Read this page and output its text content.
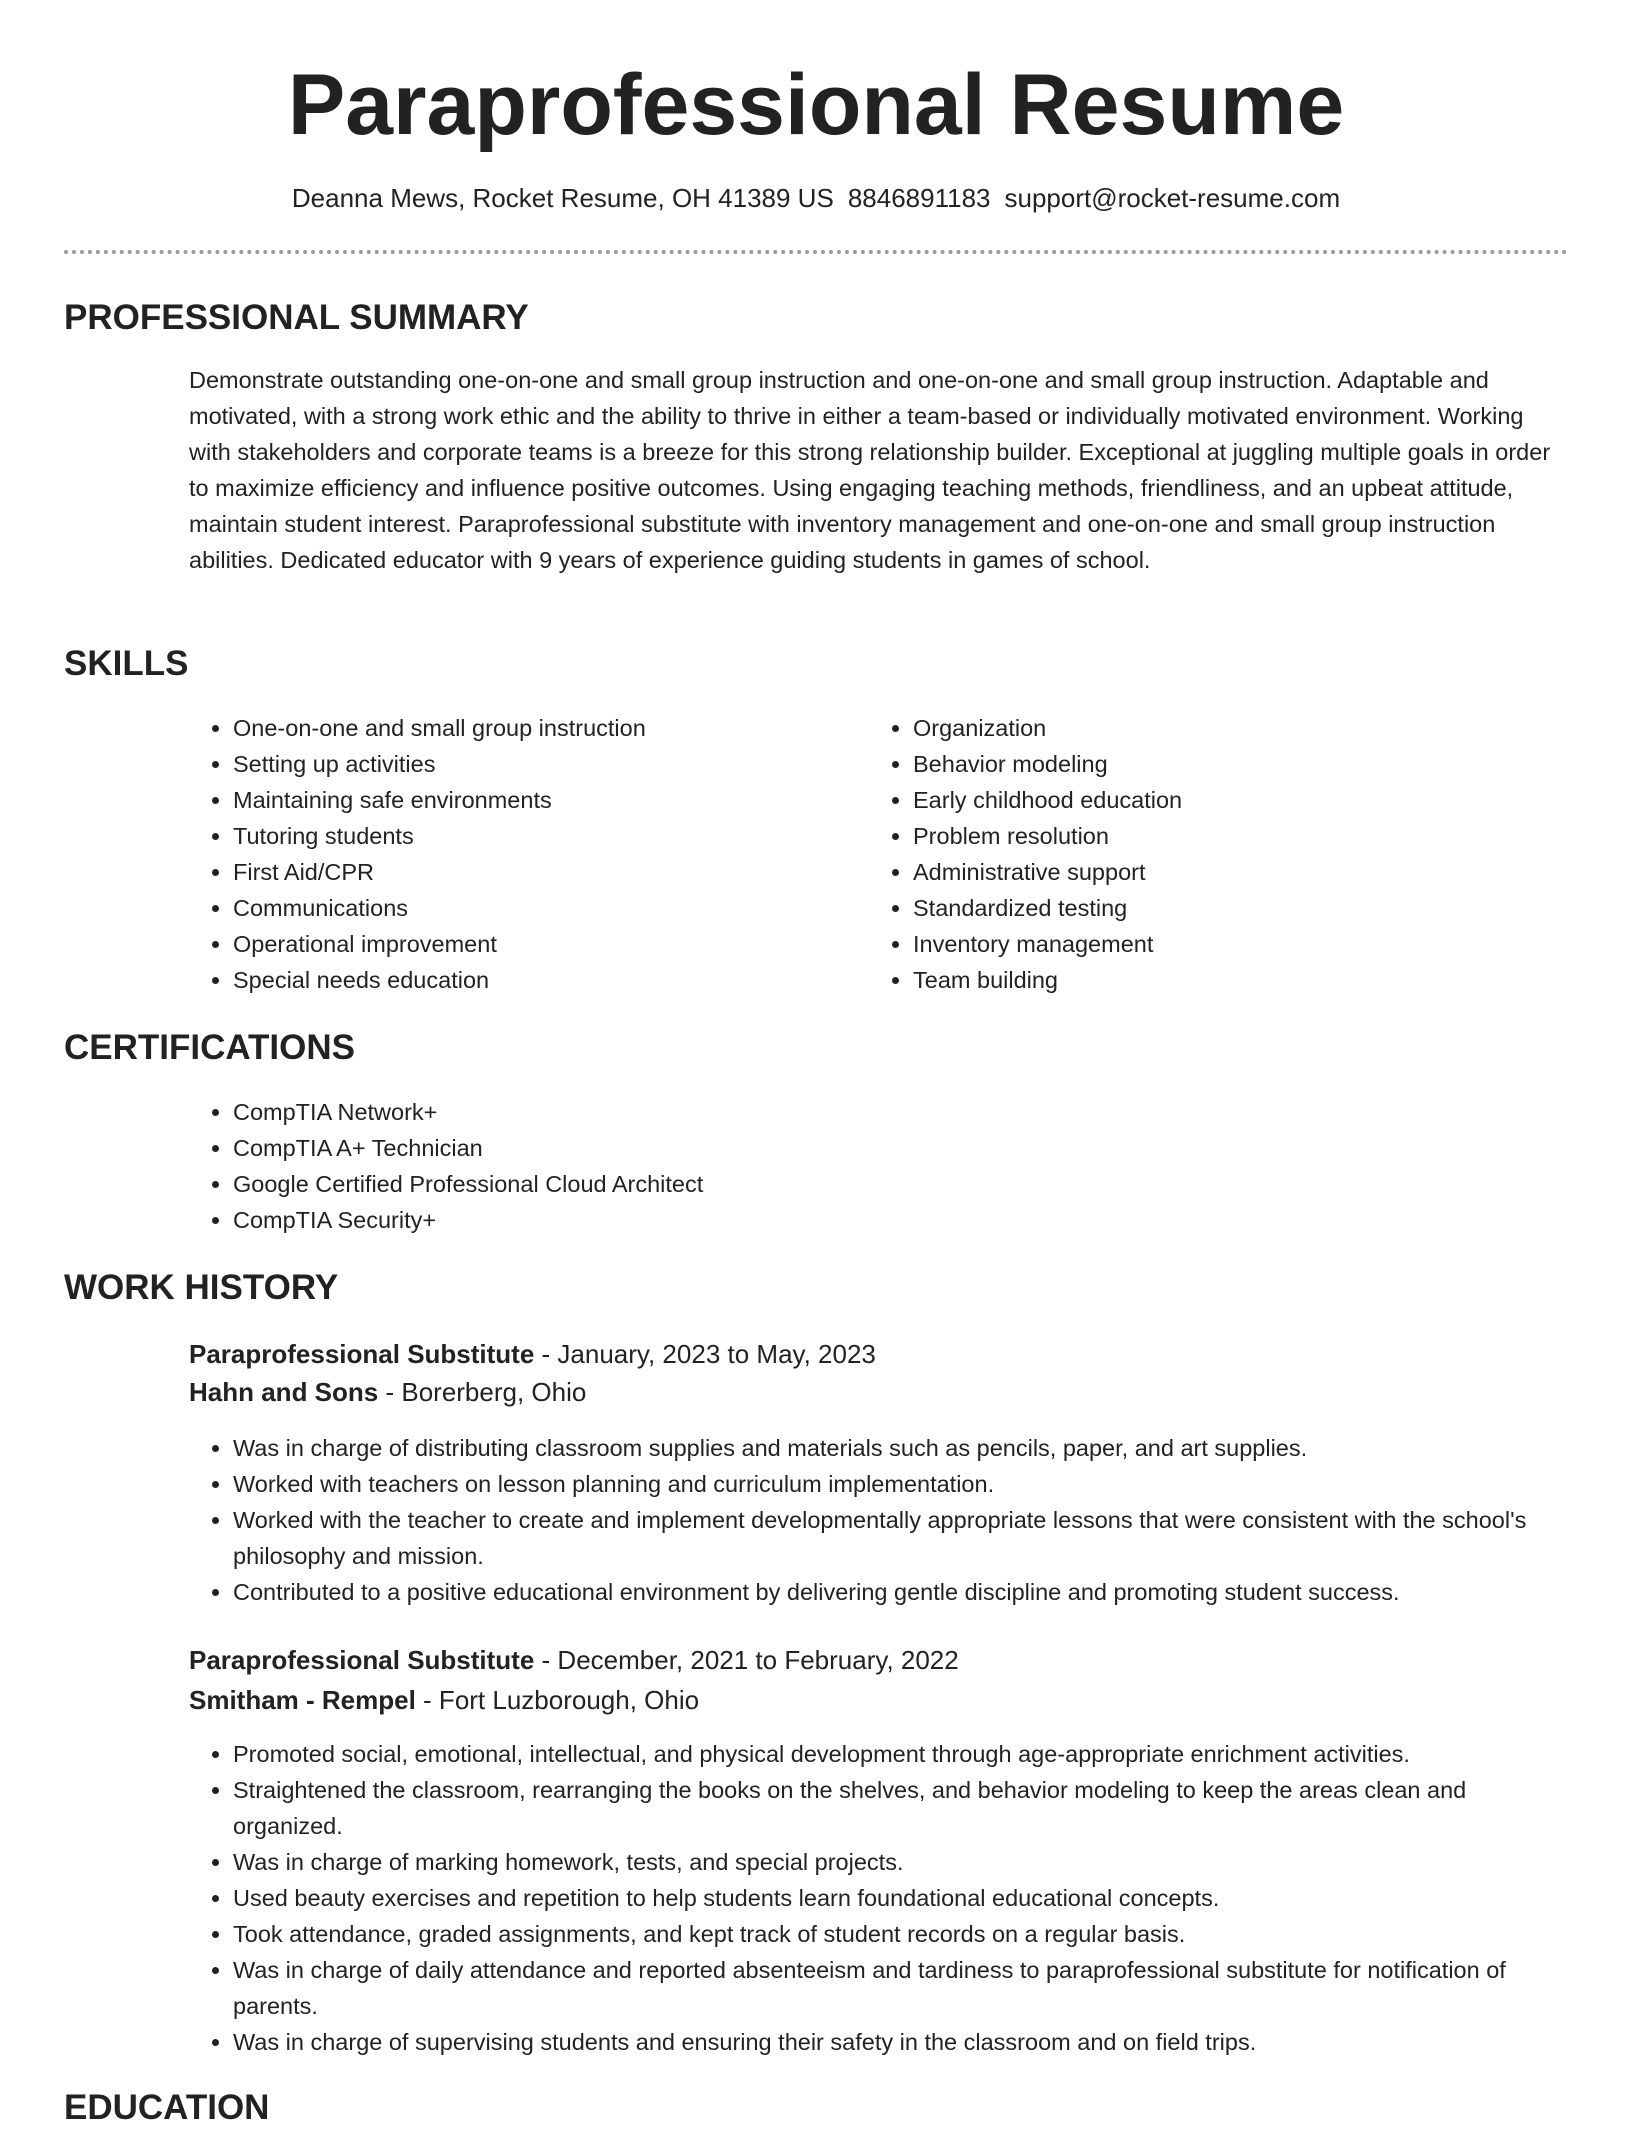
Paraprofessional Resume
Deanna Mews, Rocket Resume, OH 41389 US 8846891183 support@rocket-resume.com
PROFESSIONAL SUMMARY

Demonstrate outstanding one-on-one and small group instruction and one-on-one and small group instruction. Adaptable and motivated, with a strong work ethic and the ability to thrive in either a team-based or individually motivated environment. Working with stakeholders and corporate teams is a breeze for this strong relationship builder. Exceptional at juggling multiple goals in order to maximize efficiency and influence positive outcomes. Using engaging teaching methods, friendliness, and an upbeat attitude, maintain student interest. Paraprofessional substitute with inventory management and one-on-one and small group instruction abilities. Dedicated educator with 9 years of experience guiding students in games of school.

SKILLS
• One-on-one and small group instruction
• Setting up activities
• Maintaining safe environments
• Tutoring students
• First Aid/CPR
• Communications
• Operational improvement
• Special needs education
• Organization
• Behavior modeling
• Early childhood education
• Problem resolution
• Administrative support
• Standardized testing
• Inventory management
• Team building
CERTIFICATIONS
• CompTIA Network+
• CompTIA A+ Technician
• Google Certified Professional Cloud Architect
• CompTIA Security+
WORK HISTORY

Paraprofessional Substitute - January, 2023 to May, 2023

Hahn and Sons - Borerberg, Ohio

• Was in charge of distributing classroom supplies and materials such as pencils, paper, and art supplies.
• Worked with teachers on lesson planning and curriculum implementation.
• Worked with the teacher to create and implement developmentally appropriate lessons that were consistent with the school's philosophy and mission.
• Contributed to a positive educational environment by delivering gentle discipline and promoting student success.

Paraprofessional Substitute - December, 2021 to February, 2022

Smitham - Rempel - Fort Luzborough, Ohio

• Promoted social, emotional, intellectual, and physical development through age-appropriate enrichment activities.
• Straightened the classroom, rearranging the books on the shelves, and behavior modeling to keep the areas clean and organized.
• Was in charge of marking homework, tests, and special projects.
• Used beauty exercises and repetition to help students learn foundational educational concepts.
• Took attendance, graded assignments, and kept track of student records on a regular basis.
• Was in charge of daily attendance and reported absenteeism and tardiness to paraprofessional substitute for notification of parents.
• Was in charge of supervising students and ensuring their safety in the classroom and on field trips.
EDUCATION
